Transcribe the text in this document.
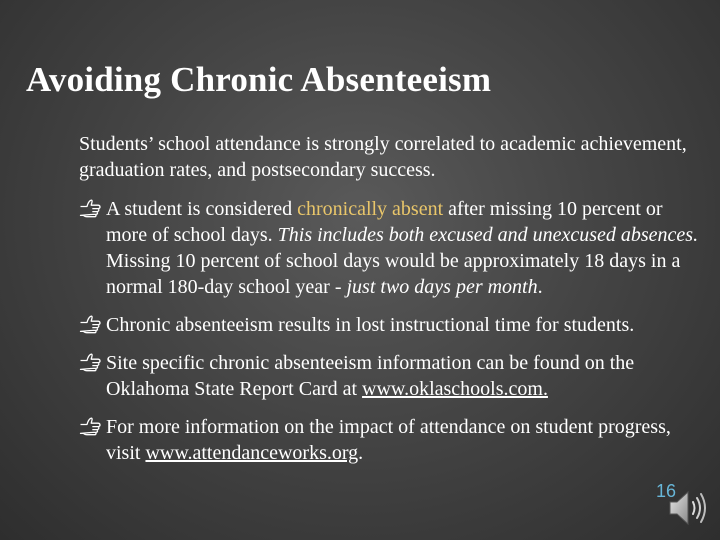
Avoiding Chronic Absenteeism

Students’ school attendance is strongly correlated to academic achievement, graduation rates, and postsecondary success.

A student is considered chronically absent after missing 10 percent or more of school days. This includes both excused and unexcused absences. Missing 10 percent of school days would be approximately 18 days in a normal 180-day school year - just two days per month.
Chronic absenteeism results in lost instructional time for students.
Site specific chronic absenteeism information can be found on the Oklahoma State Report Card at www.oklaschools.com.
For more information on the impact of attendance on student progress, visit www.attendanceworks.org.
16
